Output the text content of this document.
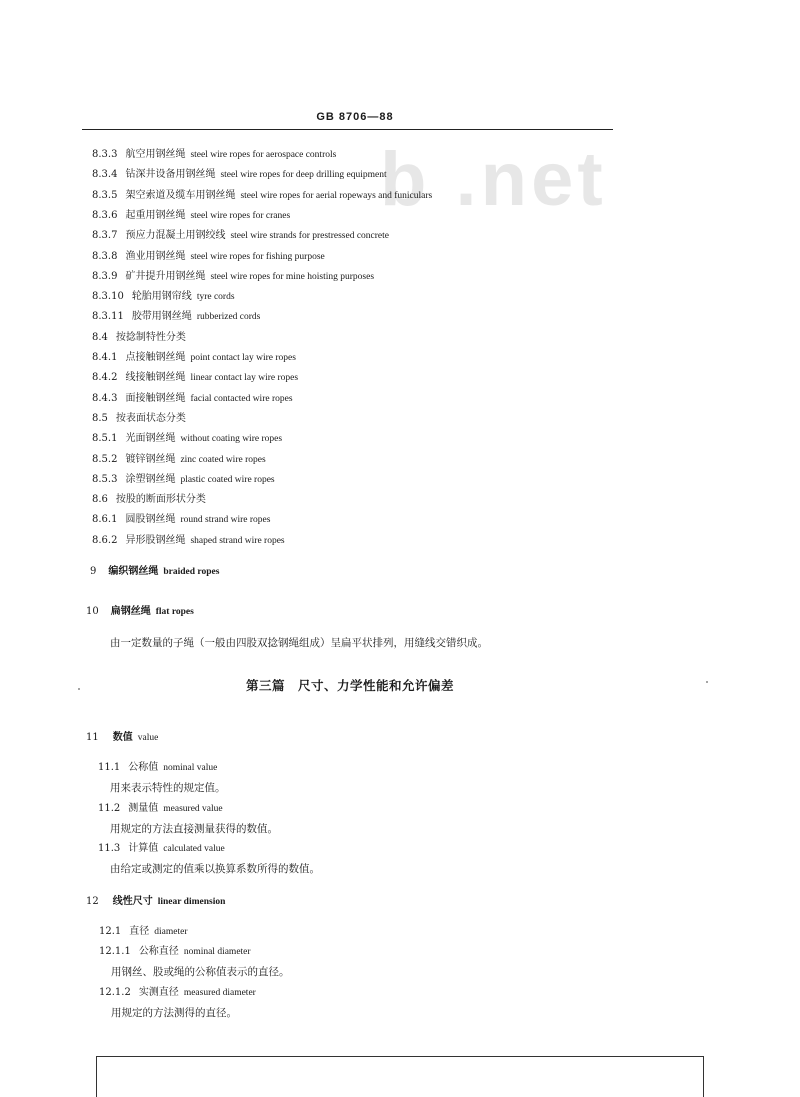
GB 8706—88
b .net
8.3.3 航空用钢丝绳 steel wire ropes for aerospace controls
8.3.4 钻深井设备用钢丝绳 steel wire ropes for deep drilling equipment
8.3.5 架空索道及缆车用钢丝绳 steel wire ropes for aerial ropeways and funiculars
8.3.6 起重用钢丝绳 steel wire ropes for cranes
8.3.7 预应力混凝土用钢绞线 steel wire strands for prestressed concrete
8.3.8 渔业用钢丝绳 steel wire ropes for fishing purpose
8.3.9 矿井提升用钢丝绳 steel wire ropes for mine hoisting purposes
8.3.10 轮胎用钢帘线 tyre cords
8.3.11 胶带用钢丝绳 rubberized cords
8.4 按捻制特性分类
8.4.1 点接触钢丝绳 point contact lay wire ropes
8.4.2 线接触钢丝绳 linear contact lay wire ropes
8.4.3 面接触钢丝绳 facial contacted wire ropes
8.5 按表面状态分类
8.5.1 光面钢丝绳 without coating wire ropes
8.5.2 镀锌钢丝绳 zinc coated wire ropes
8.5.3 涂塑钢丝绳 plastic coated wire ropes
8.6 按股的断面形状分类
8.6.1 圆股钢丝绳 round strand wire ropes
8.6.2 异形股钢丝绳 shaped strand wire ropes
9 编织钢丝绳 braided ropes
10 扁钢丝绳 flat ropes
由一定数量的子绳（一般由四股双捻钢绳组成）呈扁平状排列，用缝线交错织成。
第三篇　尺寸、力学性能和允许偏差
11 数值 value
11.1 公称值 nominal value
用来表示特性的规定值。
11.2 测量值 measured value
用规定的方法直接测量获得的数值。
11.3 计算值 calculated value
由给定或测定的值乘以换算系数所得的数值。
12 线性尺寸 linear dimension
12.1 直径 diameter
12.1.1 公称直径 nominal diameter
用钢丝、股或绳的公称值表示的直径。
12.1.2 实测直径 measured diameter
用规定的方法测得的直径。
